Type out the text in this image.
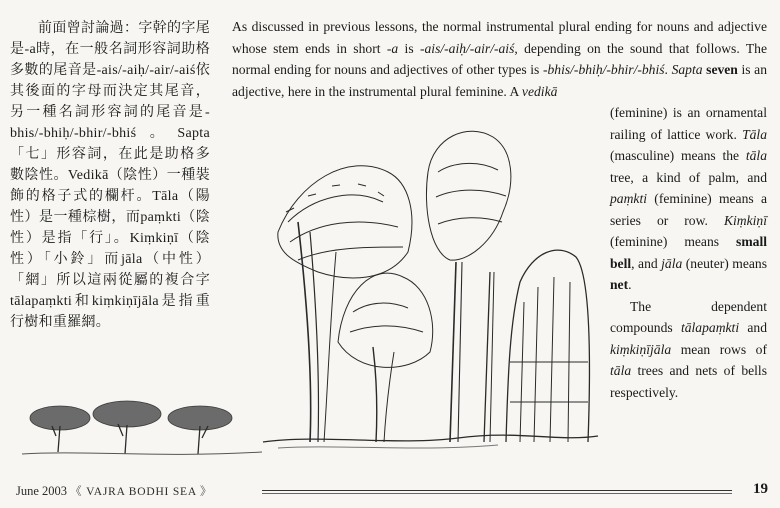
前面曾討論過：字幹的字尾是-a時，在一般名詞形容詞助格多數的尾音是-ais/-aiḥ/-air/-aiś依其後面的字母而決定其尾音，另一種名詞形容詞的尾音是-bhis/-bhiḥ/-bhir/-bhiś。Sapta「七」形容詞，在此是助格多數陰性。Vedikā（陰性）一種裝飾的格子式的欄杆。Tāla（陽性）是一種棕樹，而paṃkti（陰性）是指「行」。Kiṃkiṇī（陰性）「小鈴」而jāla（中性）「網」所以這兩從屬的複合字tālapaṃkti和kiṃkiṇījāla是指重行樹和重羅網。

As discussed in previous lessons, the normal instrumental plural ending for nouns and adjective whose stem ends in short -a is -ais/-aiḥ/-air/-aiś, depending on the sound that follows. The normal ending for nouns and adjectives of other types is -bhis/-bhiḥ/-bhir/-bhiś. Sapta seven is an adjective, here in the instrumental plural feminine. A vedikā

(feminine) is an ornamental railing of lattice work. Tāla (masculine) means the tāla tree, a kind of palm, and paṃkti (feminine) means a series or row. Kiṃkiṇī (feminine) means small bell, and jāla (neuter) means net.

The dependent compounds tālapaṃkti and kiṃkiṇījāla mean rows of tāla trees and nets of bells respectively.

June 2003 《 VAJRA BODHI SEA 》	19
